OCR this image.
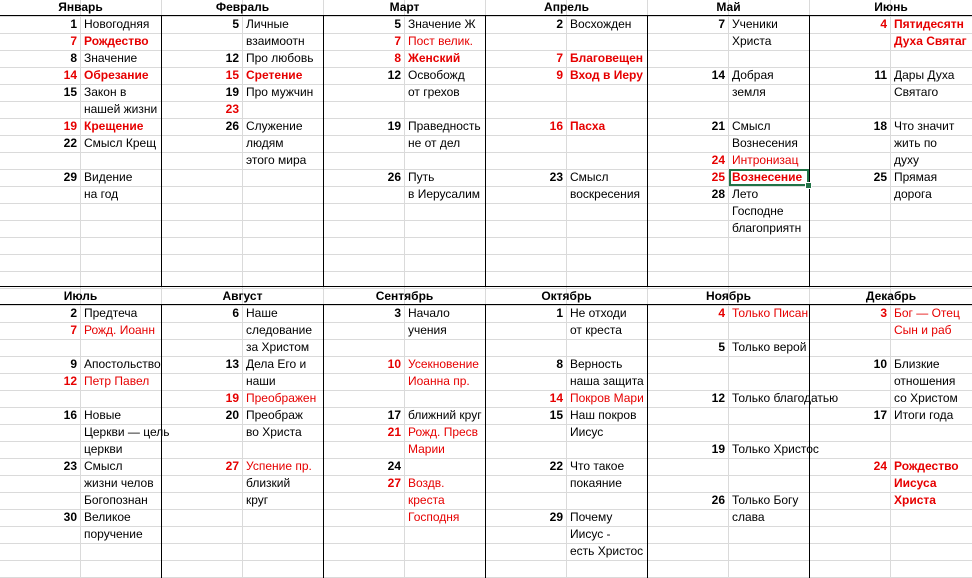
Январь
1 Новогодняя
7 Рождество
8 Значение
14 Обрезание
15 Закон в
нашей жизни
19 Крещение
22 Смысл Крещ
29 Видение
на год
Февраль
5 Личные
взаимоотн
12 Про любовь
15 Сретение
19 Про мужчин
23
26 Служение
людям
этого мира
Март
5 Значение Ж
7 Пост велик.
8 Женский
12 Освобожд
от грехов
19 Праведность
не от дел
26 Путь
в Иерусалим
Апрель
2 Восхожден
7 Благовещен
9 Вход в Иеру
16 Пасха
23 Смысл
воскресения
Май
7 Ученики
Христа
14 Добрая
земля
21 Смысл
Вознесения
24 Интронизац
25 Вознесение
28 Лето
Господне
благоприятн
Июнь
4 Пятидесятн
Духа Святаг
11 Дары Духа
Святаго
18 Что значит
жить по
духу
25 Прямая
дорога
Июль
2 Предтеча
7 Рожд. Иоанн
9 Апостольство
12 Петр Павел
16 Новые
Церкви — цель
церкви
23 Смысл
жизни челов
Богопознан
30 Великое
поручение
Август
6 Наше
следование
за Христом
13 Дела Его и
наши
19 Преображен
20 Преображ
во Христа
27 Успение пр.
близкий
круг
Сентябрь
3 Начало
учения
10 Усекновение
Иоанна пр.
17 ближний круг
21 Рожд. Пресв
Марии
24
27 Воздв.
креста
Господня
Октябрь
1 Не отходи
от креста
8 Верность
наша защита
14 Покров Мари
15 Наш покров
Иисус
22 Что такое
покаяние
29 Почему
Иисус -
есть Христос
Ноябрь
4 Только Писан
5 Только верой
12 Только благодатью
19 Только Христос
26 Только Богу
слава
Декабрь
3 Бог — Отец
Сын и раб
10 Близкие
отношения
со Христом
17 Итоги года
24 Рождество
Иисуса
Христа
